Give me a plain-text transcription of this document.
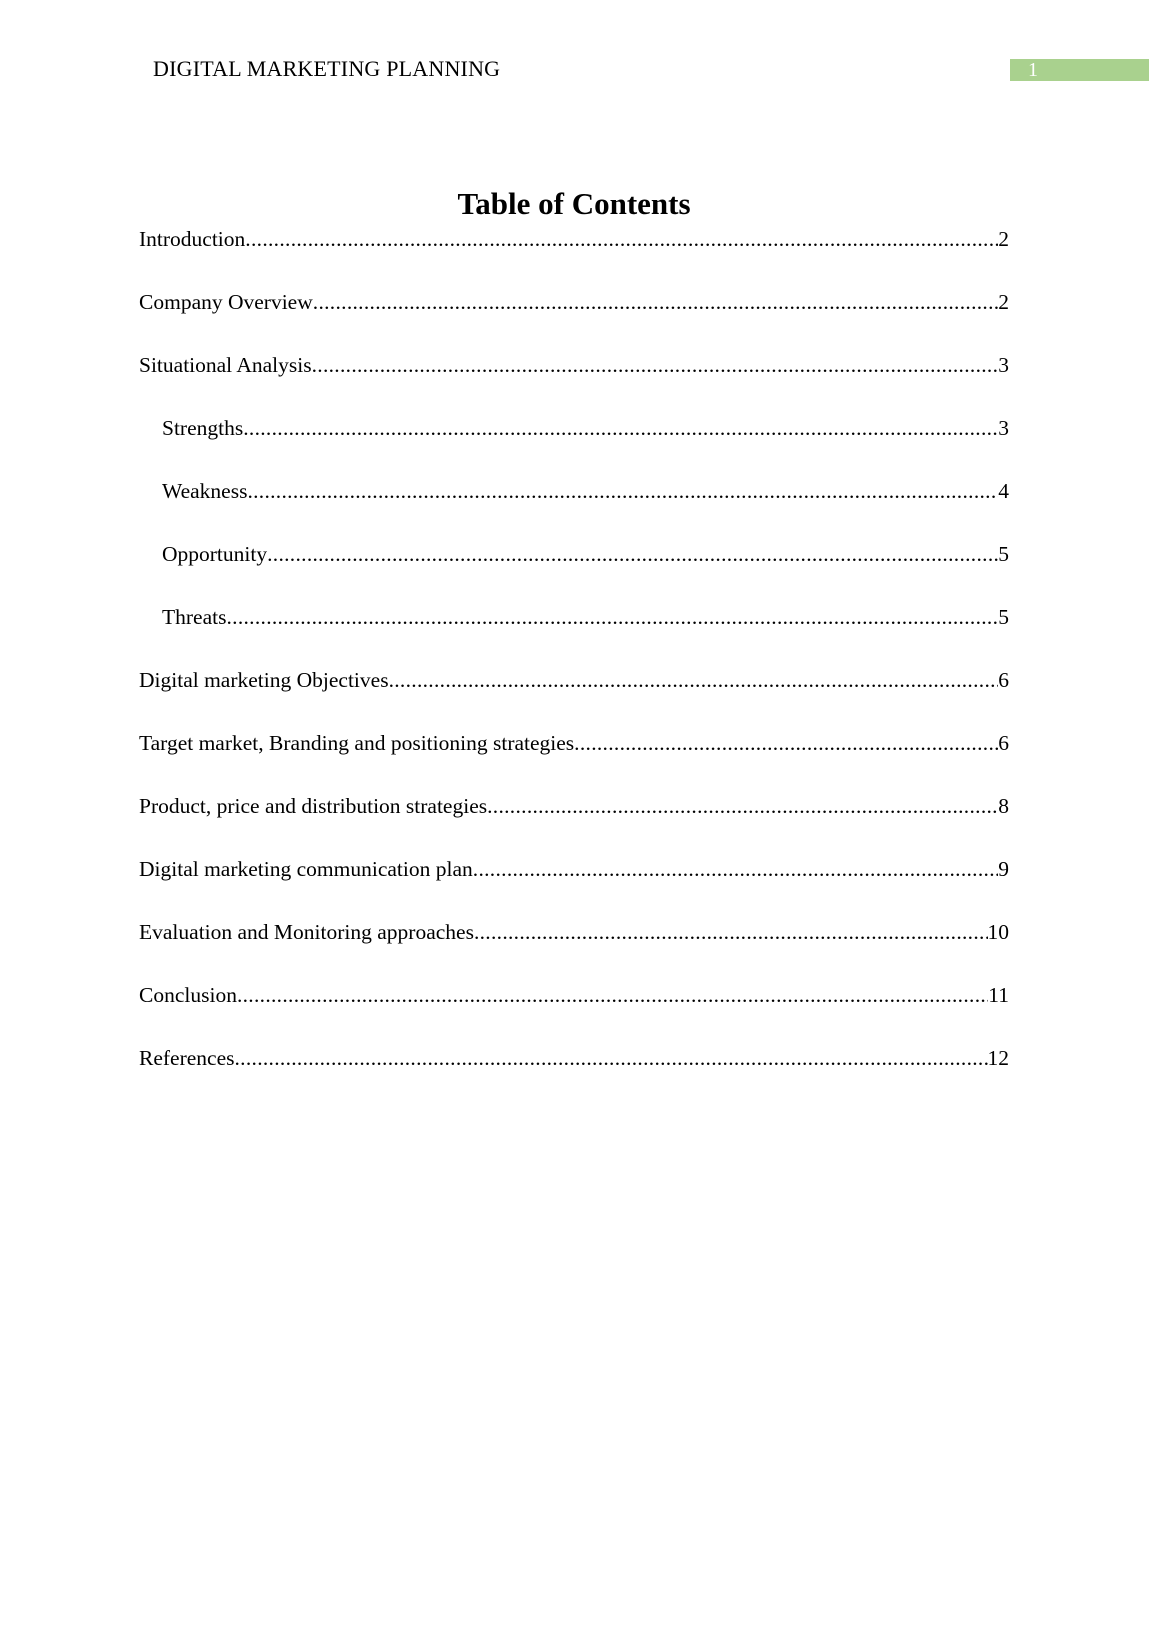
DIGITAL MARKETING PLANNING	1
Table of Contents
Introduction .....	2
Company Overview .....	2
Situational Analysis .....	3
Strengths .....	3
Weakness .....	4
Opportunity .....	5
Threats .....	5
Digital marketing Objectives .....	6
Target market, Branding and positioning strategies .....	6
Product, price and distribution strategies .....	8
Digital marketing communication plan .....	9
Evaluation and Monitoring approaches .....	10
Conclusion .....	11
References .....	12
